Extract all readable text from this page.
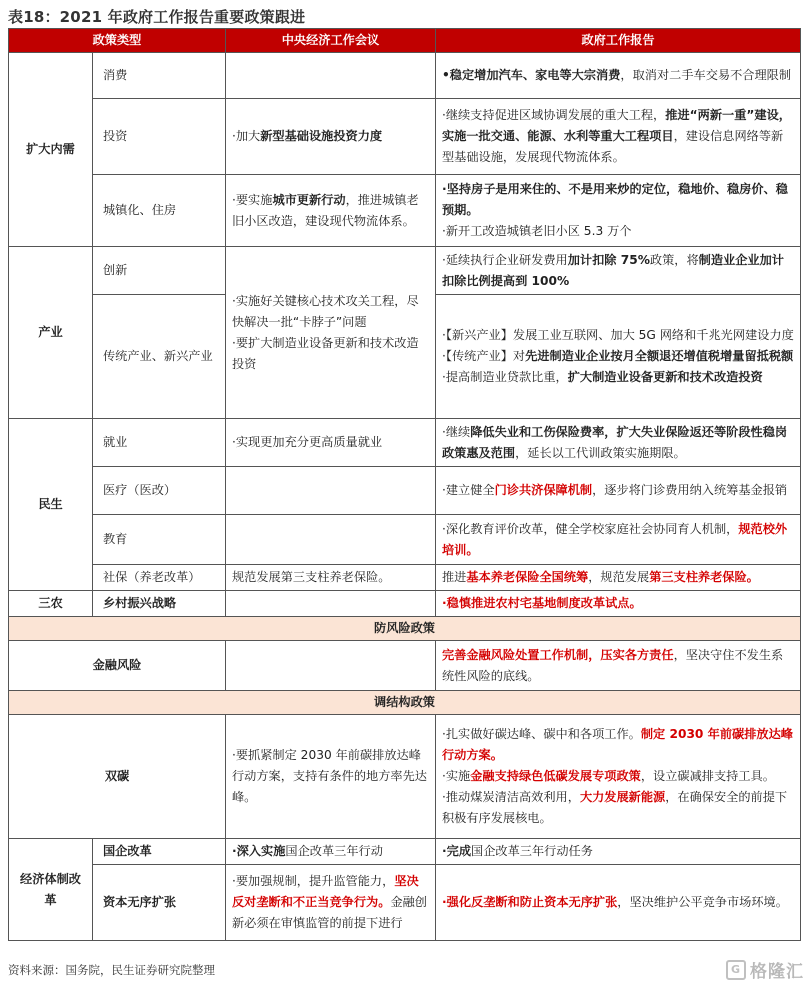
表18：2021 年政府工作报告重要政策跟进
政策类型		中央经济工作会议	政府工作报告
扩大内需	消费		•稳定增加汽车、家电等大宗消费，取消对二手车交易不合理限制
	投资	·加大新型基础设施投资力度	·继续支持促进区域协调发展的重大工程，推进“两新一重”建设，实施一批交通、能源、水利等重大工程项目，建设信息网络等新型基础设施，发展现代物流体系。
	城镇化、住房	·要实施城市更新行动，推进城镇老旧小区改造，建设现代物流体系。	·坚持房子是用来住的、不是用来炒的定位，稳地价、稳房价、稳预期。
·新开工改造城镇老旧小区 5.3 万个

产业	创新	·实施好关键核心技术攻关工程，尽快解决一批“卡脖子”问题
·要扩大制造业设备更新和技术改造投资	·延续执行企业研发费用加计扣除 75%政策，将制造业企业加计扣除比例提高到 100%
	传统产业、新兴产业		·【新兴产业】发展工业互联网、加大 5G 网络和千兆光网建设力度
·【传统产业】对先进制造业企业按月全额退还增值税增量留抵税额
·提高制造业贷款比重，扩大制造业设备更新和技术改造投资

民生	就业	·实现更加充分更高质量就业	·继续降低失业和工伤保险费率，扩大失业保险返还等阶段性稳岗政策惠及范围，延长以工代训政策实施期限。
	医疗（医改）		·建立健全门诊共济保障机制，逐步将门诊费用纳入统筹基金报销
	教育		·深化教育评价改革，健全学校家庭社会协同育人机制，规范校外培训。
	社保（养老改革）	规范发展第三支柱养老保险。	推进基本养老保险全国统筹，规范发展第三支柱养老保险。
三农	乡村振兴战略		·稳慎推进农村宅基地制度改革试点。
防风险政策			
金融风险			完善金融风险处置工作机制，压实各方责任，坚决守住不发生系统性风险的底线。
调结构政策			
双碳		·要抓紧制定 2030 年前碳排放达峰行动方案，支持有条件的地方率先达峰。	·扎实做好碳达峰、碳中和各项工作。制定 2030 年前碳排放达峰行动方案。
·实施金融支持绿色低碳发展专项政策，设立碳减排支持工具。
·推动煤炭清洁高效利用，大力发展新能源，在确保安全的前提下积极有序发展核电。

经济体制改革	国企改革	·深入实施国企改革三年行动	·完成国企改革三年行动任务
	资本无序扩张	·要加强规制，提升监管能力，坚决反对垄断和不正当竞争行为。金融创新必须在审慎监管的前提下进行	·强化反垄断和防止资本无序扩张，坚决维护公平竞争市场环境。
资料来源：国务院，民生证券研究院整理	G 格隆汇
